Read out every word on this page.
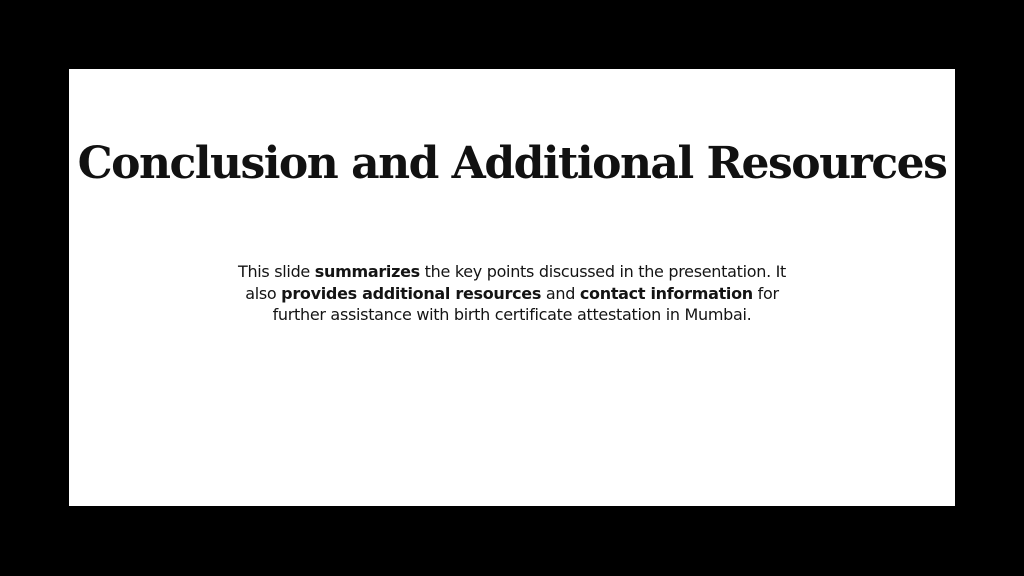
Conclusion and Additional Resources

This slide summarizes the key points discussed in the presentation. It also provides additional resources and contact information for further assistance with birth certificate attestation in Mumbai.
